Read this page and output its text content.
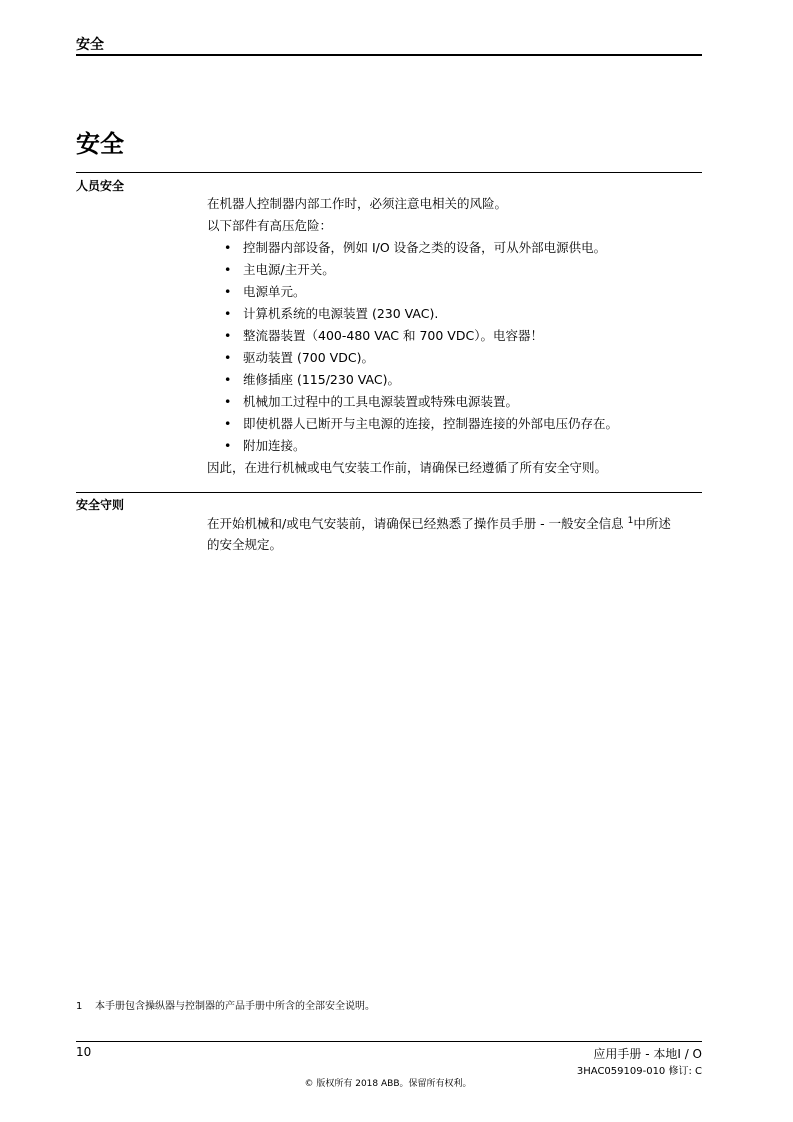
安全
安全
人员安全

在机器人控制器内部工作时，必须注意电相关的风险。

以下部件有高压危险：

• 控制器内部设备，例如 I/O 设备之类的设备，可从外部电源供电。
• 主电源/主开关。
• 电源单元。
• 计算机系统的电源装置 (230 VAC).
• 整流器装置（400-480 VAC 和 700 VDC）。电容器！
• 驱动装置 (700 VDC)。
• 维修插座 (115/230 VAC)。
• 机械加工过程中的工具电源装置或特殊电源装置。
• 即使机器人已断开与主电源的连接，控制器连接的外部电压仍存在。
• 附加连接。

因此，在进行机械或电气安装工作前，请确保已经遵循了所有安全守则。

安全守则

在开始机械和/或电气安装前，请确保已经熟悉了操作员手册 - 一般安全信息 $^1$中所述
的安全规定。

1 本手册包含操纵器与控制器的产品手册中所含的全部安全说明。
10	应用手册 - 本地I / O
3HAC059109-010 修订: C
© 版权所有 2018 ABB。保留所有权利。
